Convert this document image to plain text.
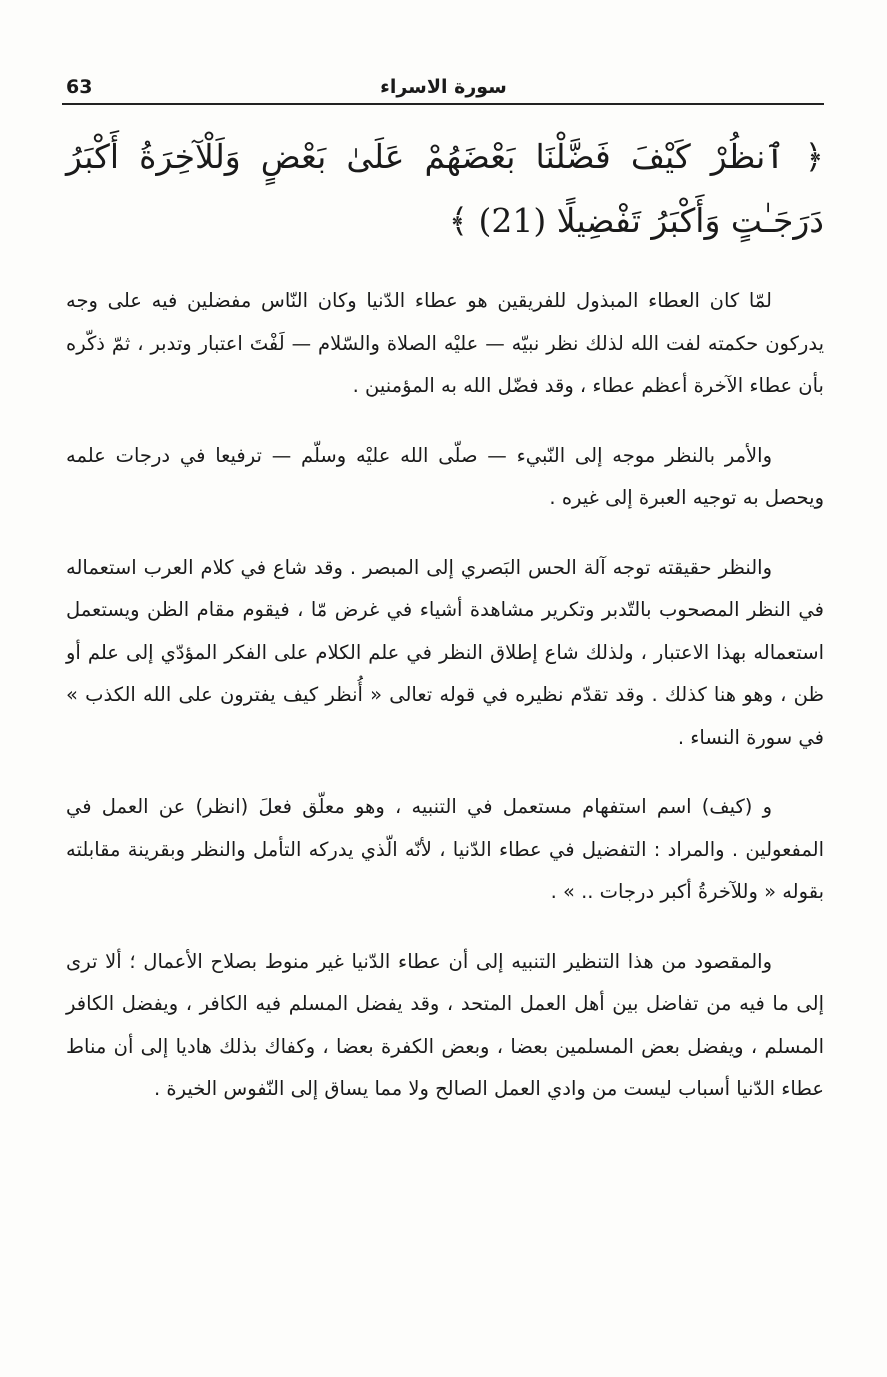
63	سورة الاسراء
﴿ ٱنظُرْ كَيْفَ فَضَّلْنَا بَعْضَهُمْ عَلَىٰ بَعْضٍ وَلَلْآخِرَةُ أَكْبَرُ دَرَجَـٰتٍ وَأَكْبَرُ تَفْضِيلًا (21) ﴾

لمّا كان العطاء المبذول للفريقين هو عطاء الدّنيا وكان النّاس مفضلين فيه على وجه يدركون حكمته لفت الله لذلك نظر نبيّه — عليْه الصلاة والسّلام — لَفْتَ اعتبار وتدبر ، ثمّ ذكّره بأن عطاء الآخرة أعظم عطاء ، وقد فضّل الله به المؤمنين .

والأمر بالنظر موجه إلى النّبيء — صلّى الله عليْه وسلّم — ترفيعا في درجات علمه ويحصل به توجيه العبرة إلى غيره .

والنظر حقيقته توجه آلة الحس البَصري إلى المبصر . وقد شاع في كلام العرب استعماله في النظر المصحوب بالتّدبر وتكرير مشاهدة أشياء في غرض مّا ، فيقوم مقام الظن ويستعمل استعماله بهذا الاعتبار ، ولذلك شاع إطلاق النظر في علم الكلام على الفكر المؤدّي إلى علم أو ظن ، وهو هنا كذلك . وقد تقدّم نظيره في قوله تعالى « أُنظر كيف يفترون على الله الكذب » في سورة النساء .

و (كيف) اسم استفهام مستعمل في التنبيه ، وهو معلّق فعلَ (انظر) عن العمل في المفعولين . والمراد : التفضيل في عطاء الدّنيا ، لأنّه الّذي يدركه التأمل والنظر وبقرينة مقابلته بقوله « وللآخرةُ أكبر درجات .. » .

والمقصود من هذا التنظير التنبيه إلى أن عطاء الدّنيا غير منوط بصلاح الأعمال ؛ ألا ترى إلى ما فيه من تفاضل بين أهل العمل المتحد ، وقد يفضل المسلم فيه الكافر ، ويفضل الكافر المسلم ، ويفضل بعض المسلمين بعضا ، وبعض الكفرة بعضا ، وكفاك بذلك هاديا إلى أن مناط عطاء الدّنيا أسباب ليست من وادي العمل الصالح ولا مما يساق إلى النّفوس الخيرة .
